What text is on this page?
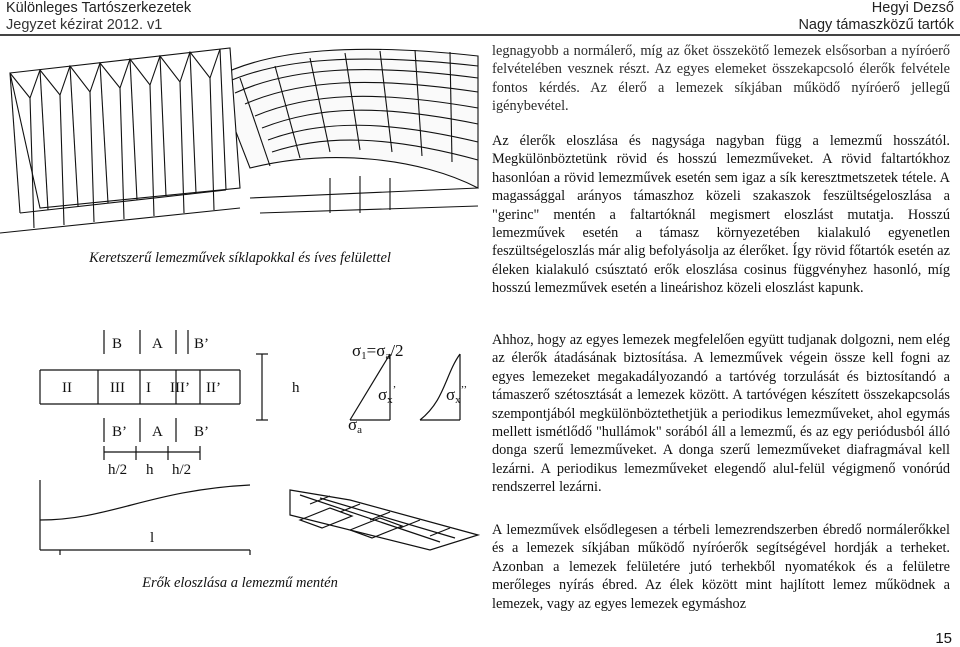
Különleges Tartószerkezetek
Jegyzet kézirat 2012. v1
Hegyi Dezső
Nagy támaszközű tartók
Keretszerű lemezművek síklapokkal és íves felülettel
B A B’
II	III I III’ II’
B’ A B’
h/2 h h/2
h
l
σ1=σa/2
σx’
σa
σx’’
Erők eloszlása a lemezmű mentén
legnagyobb a normálerő, míg az őket összekötő lemezek elsősorban a nyíróerő felvételében vesznek részt. Az egyes elemeket összekapcsoló élerők felvétele fontos kérdés. Az élerő a lemezek síkjában működő nyíróerő jellegű igénybevétel.
Az élerők eloszlása és nagysága nagyban függ a lemezmű hosszától. Megkülönböztetünk rövid és hosszú lemezműveket. A rövid faltartókhoz hasonlóan a rövid lemezművek esetén sem igaz a sík keresztmetszetek tétele. A magassággal arányos támaszhoz közeli szakaszok feszültségeloszlása a "gerinc" mentén a faltartóknál megismert eloszlást mutatja. Hosszú lemezművek esetén a támasz környezetében kialakuló egyenetlen feszültségeloszlás már alig befolyásolja az élerőket. Így rövid főtartók esetén az éleken kialakuló csúsztató erők eloszlása cosinus függvényhez hasonló, míg hosszú lemezművek esetén a lineárishoz közeli eloszlást kapunk.
Ahhoz, hogy az egyes lemezek megfelelően együtt tudjanak dolgozni, nem elég az élerők átadásának biztosítása. A lemezművek végein össze kell fogni az egyes lemezeket megakadályozandó a tartóvég torzulását és biztosítandó a támaszerő szétosztását a lemezek között. A tartóvégen készített összekapcsolás szempontjából megkülönböztethetjük a periodikus lemezműveket, ahol egymás mellett ismétlődő "hullámok" sorából áll a lemezmű, és az egy periódusból álló donga szerű lemezműveket. A donga szerű lemezműveket diafragmával kell lezárni. A periodikus lemezműveket elegendő alul-felül végigmenő vonórúd rendszerrel lezárni.
A lemezművek elsődlegesen a térbeli lemezrendszerben ébredő normálerőkkel és a lemezek síkjában működő nyíróerők segítségével hordják a terheket. Azonban a lemezek felületére jutó terhekből nyomatékok és a felületre merőleges nyírás ébred. Az élek között mint hajlított lemez működnek a lemezek, vagy az egyes lemezek egymáshoz
15
